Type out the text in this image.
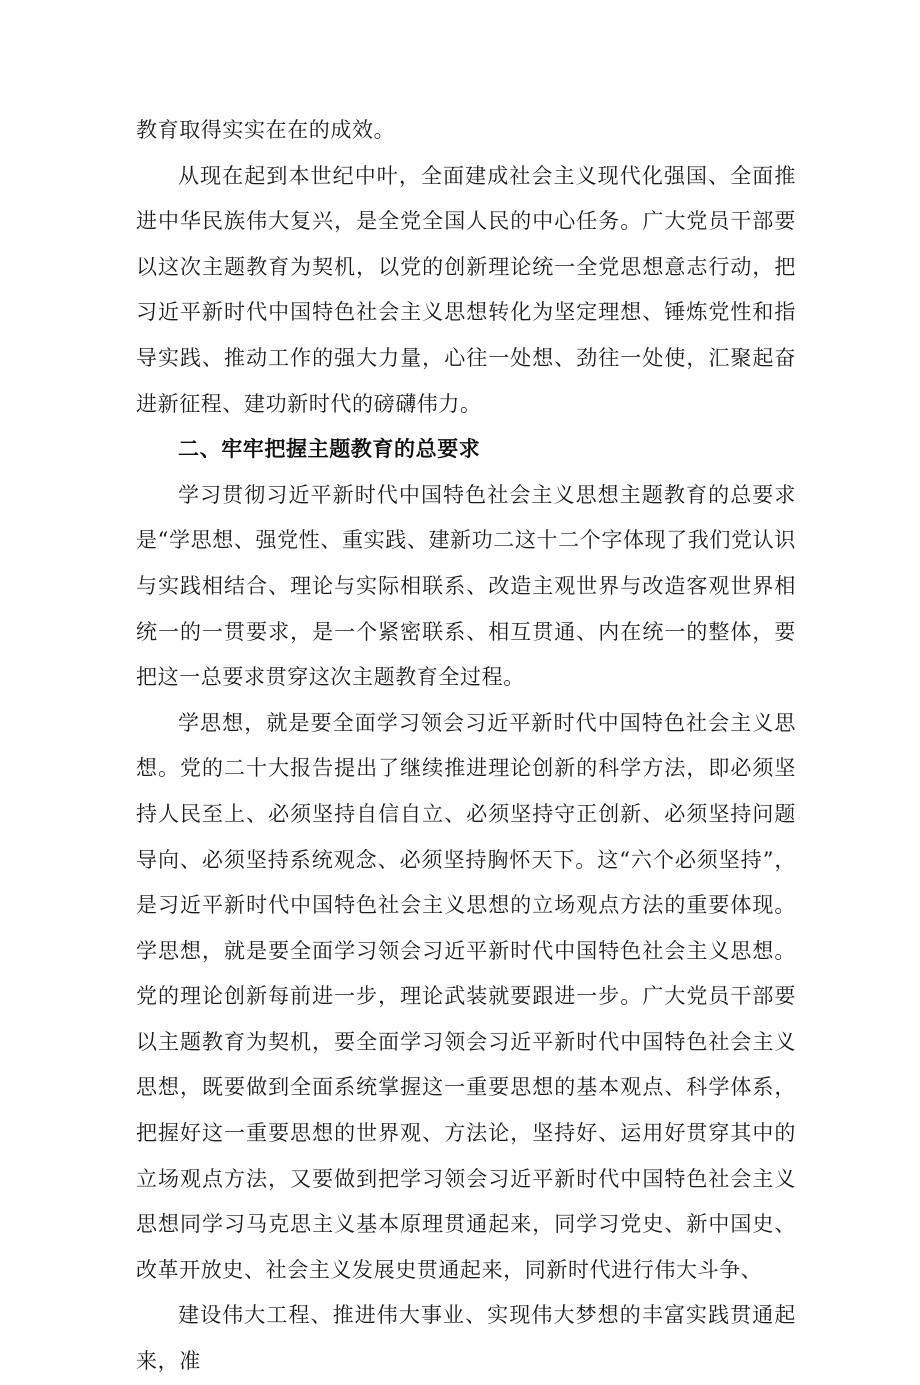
教育取得实实在在的成效。

从现在起到本世纪中叶，全面建成社会主义现代化强国、全面推进中华民族伟大复兴，是全党全国人民的中心任务。广大党员干部要以这次主题教育为契机，以党的创新理论统一全党思想意志行动，把习近平新时代中国特色社会主义思想转化为坚定理想、锤炼党性和指导实践、推动工作的强大力量，心往一处想、劲往一处使，汇聚起奋进新征程、建功新时代的磅礴伟力。

二、牢牢把握主题教育的总要求

学习贯彻习近平新时代中国特色社会主义思想主题教育的总要求是“学思想、强党性、重实践、建新功二这十二个字体现了我们党认识与实践相结合、理论与实际相联系、改造主观世界与改造客观世界相统一的一贯要求，是一个紧密联系、相互贯通、内在统一的整体，要把这一总要求贯穿这次主题教育全过程。

学思想，就是要全面学习领会习近平新时代中国特色社会主义思想。党的二十大报告提出了继续推进理论创新的科学方法，即必须坚持人民至上、必须坚持自信自立、必须坚持守正创新、必须坚持问题导向、必须坚持系统观念、必须坚持胸怀天下。这“六个必须坚持”，是习近平新时代中国特色社会主义思想的立场观点方法的重要体现。学思想，就是要全面学习领会习近平新时代中国特色社会主义思想。党的理论创新每前进一步，理论武装就要跟进一步。广大党员干部要以主题教育为契机，要全面学习领会习近平新时代中国特色社会主义思想，既要做到全面系统掌握这一重要思想的基本观点、科学体系，把握好这一重要思想的世界观、方法论，坚持好、运用好贯穿其中的立场观点方法，又要做到把学习领会习近平新时代中国特色社会主义思想同学习马克思主义基本原理贯通起来，同学习党史、新中国史、改革开放史、社会主义发展史贯通起来，同新时代进行伟大斗争、

建设伟大工程、推进伟大事业、实现伟大梦想的丰富实践贯通起来，准
